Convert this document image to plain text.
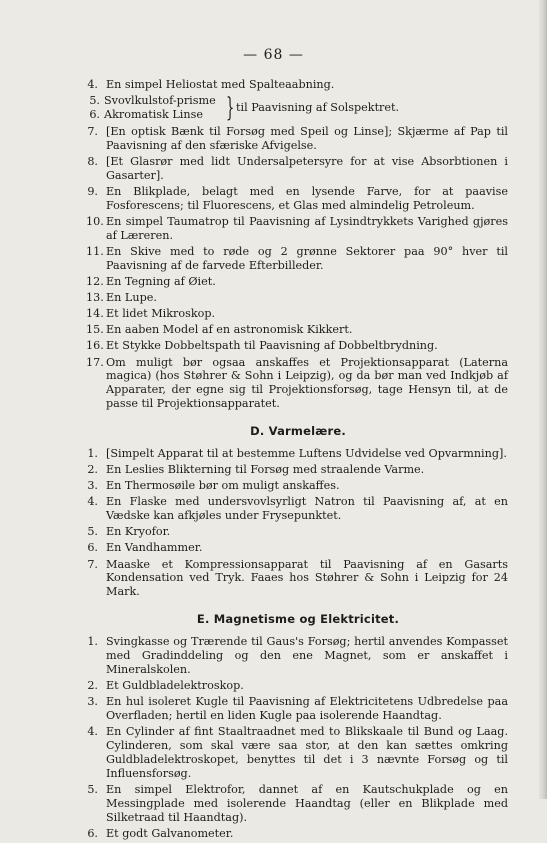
— 68 —
4. En simpel Heliostat med Spalteaabning.
5. Svovlkulstof-prisme
6. Akromatisk Linse } til Paavisning af Solspektret.
7. [En optisk Bænk til Forsøg med Speil og Linse]; Skjærme af Pap til Paavisning af den sfæriske Afvigelse.
8. [Et Glasrør med lidt Undersalpetersyre for at vise Absorbtionen i Gasarter].
9. En Blikplade, belagt med en lysende Farve, for at paavise Fosforescens; til Fluorescens, et Glas med almindelig Petroleum.
10. En simpel Taumatrop til Paavisning af Lysindtrykkets Varighed gjøres af Læreren.
11. En Skive med to røde og 2 grønne Sektorer paa 90° hver til Paavisning af de farvede Efterbilleder.
12. En Tegning af Øiet.
13. En Lupe.
14. Et lidet Mikroskop.
15. En aaben Model af en astronomisk Kikkert.
16. Et Stykke Dobbeltspath til Paavisning af Dobbeltbrydning.
17. Om muligt bør ogsaa anskaffes et Projektionsapparat (Laterna magica) (hos Støhrer & Sohn i Leipzig), og da bør man ved Indkjøb af Apparater, der egne sig til Projektionsforsøg, tage Hensyn til, at de passe til Projektionsapparatet.
D. Varmelære.
1. [Simpelt Apparat til at bestemme Luftens Udvidelse ved Opvarmning].
2. En Leslies Blikterning til Forsøg med straalende Varme.
3. En Thermosøile bør om muligt anskaffes.
4. En Flaske med undersvovlsyrligt Natron til Paavisning af, at en Vædske kan afkjøles under Frysepunktet.
5. En Kryofor.
6. En Vandhammer.
7. Maaske et Kompressionsapparat til Paavisning af en Gasarts Kondensation ved Tryk. Faaes hos Støhrer & Sohn i Leipzig for 24 Mark.
E. Magnetisme og Elektricitet.
1. Svingkasse og Trærende til Gaus's Forsøg; hertil anvendes Kompasset med Gradinddeling og den ene Magnet, som er anskaffet i Mineralskolen.
2. Et Guldbladelektroskop.
3. En hul isoleret Kugle til Paavisning af Elektricitetens Udbredelse paa Overfladen; hertil en liden Kugle paa isolerende Haandtag.
4. En Cylinder af fint Staaltraadnet med to Blikskaale til Bund og Laag. Cylinderen, som skal være saa stor, at den kan sættes omkring Guldbladelektroskopet, benyttes til det i 3 nævnte Forsøg og til Influensforsøg.
5. En simpel Elektrofor, dannet af en Kautschukplade og en Messingplade med isolerende Haandtag (eller en Blikplade med Silketraad til Haandtag).
6. Et godt Galvanometer.
